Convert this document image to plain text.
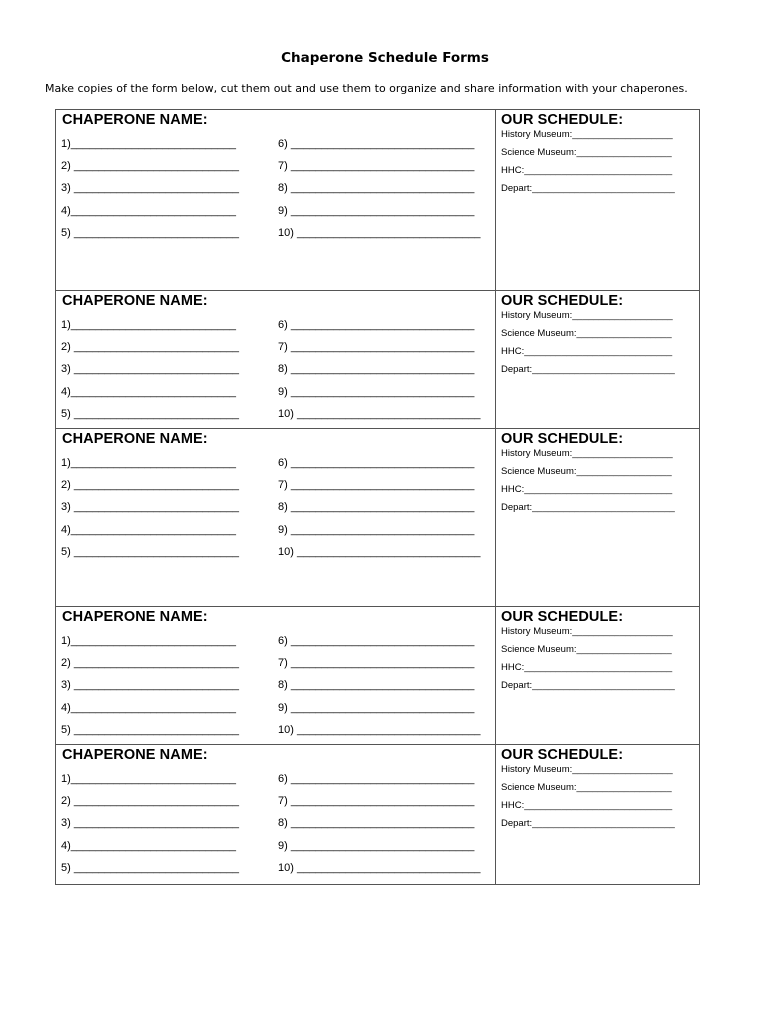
Chaperone Schedule Forms
Make copies of the form below, cut them out and use them to organize and share information with your chaperones.
CHAPERONE NAME:	OUR SCHEDULE:
1)___________________________
2) ___________________________
3) ___________________________
4)___________________________
5) ___________________________
6) ______________________________
7) ______________________________
8) ______________________________
9) ______________________________
10) ______________________________
History Museum:___________________
Science Museum:__________________
HHC:____________________________
Depart:___________________________
CHAPERONE NAME:	OUR SCHEDULE:
1)___________________________
2) ___________________________
3) ___________________________
4)___________________________
5) ___________________________
6) ______________________________
7) ______________________________
8) ______________________________
9) ______________________________
10) ______________________________
History Museum:___________________
Science Museum:__________________
HHC:____________________________
Depart:___________________________
CHAPERONE NAME:	OUR SCHEDULE:
1)___________________________
2) ___________________________
3) ___________________________
4)___________________________
5) ___________________________
6) ______________________________
7) ______________________________
8) ______________________________
9) ______________________________
10) ______________________________
History Museum:___________________
Science Museum:__________________
HHC:____________________________
Depart:___________________________
CHAPERONE NAME:	OUR SCHEDULE:
1)___________________________
2) ___________________________
3) ___________________________
4)___________________________
5) ___________________________
6) ______________________________
7) ______________________________
8) ______________________________
9) ______________________________
10) ______________________________
History Museum:___________________
Science Museum:__________________
HHC:____________________________
Depart:___________________________
CHAPERONE NAME:	OUR SCHEDULE:
1)___________________________
2) ___________________________
3) ___________________________
4)___________________________
5) ___________________________
6) ______________________________
7) ______________________________
8) ______________________________
9) ______________________________
10) ______________________________
History Museum:___________________
Science Museum:__________________
HHC:____________________________
Depart:___________________________
